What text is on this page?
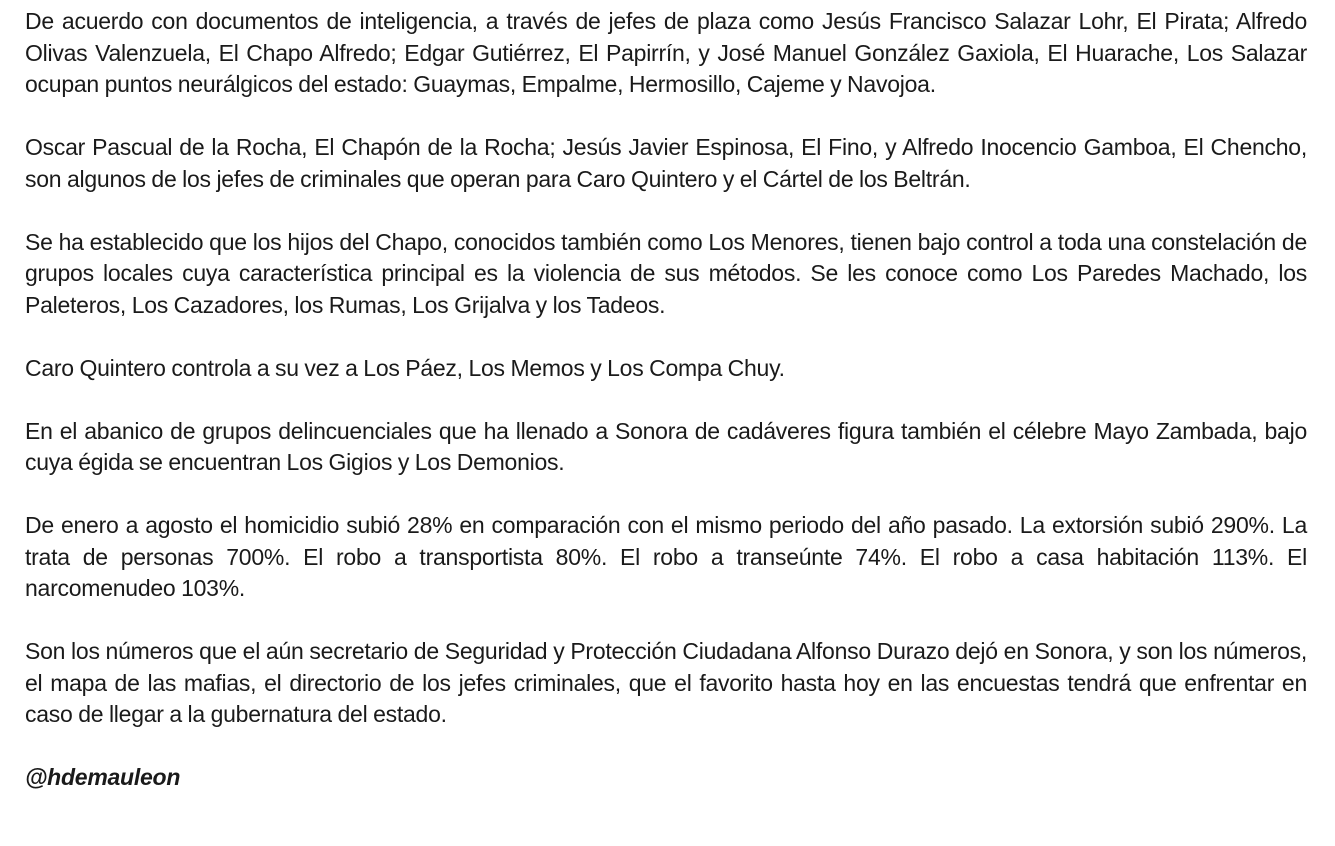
De acuerdo con documentos de inteligencia, a través de jefes de plaza como Jesús Francisco Salazar Lohr, El Pirata; Alfredo Olivas Valenzuela, El Chapo Alfredo; Edgar Gutiérrez, El Papirrín, y José Manuel González Gaxiola, El Huarache, Los Salazar ocupan puntos neurálgicos del estado: Guaymas, Empalme, Hermosillo, Cajeme y Navojoa.

Oscar Pascual de la Rocha, El Chapón de la Rocha; Jesús Javier Espinosa, El Fino, y Alfredo Inocencio Gamboa, El Chencho, son algunos de los jefes de criminales que operan para Caro Quintero y el Cártel de los Beltrán.

Se ha establecido que los hijos del Chapo, conocidos también como Los Menores, tienen bajo control a toda una constelación de grupos locales cuya característica principal es la violencia de sus métodos. Se les conoce como Los Paredes Machado, los Paleteros, Los Cazadores, los Rumas, Los Grijalva y los Tadeos.

Caro Quintero controla a su vez a Los Páez, Los Memos y Los Compa Chuy.

En el abanico de grupos delincuenciales que ha llenado a Sonora de cadáveres figura también el célebre Mayo Zambada, bajo cuya égida se encuentran Los Gigios y Los Demonios.

De enero a agosto el homicidio subió 28% en comparación con el mismo periodo del año pasado. La extorsión subió 290%. La trata de personas 700%. El robo a transportista 80%. El robo a transeúnte 74%. El robo a casa habitación 113%. El narcomenudeo 103%.

Son los números que el aún secretario de Seguridad y Protección Ciudadana Alfonso Durazo dejó en Sonora, y son los números, el mapa de las mafias, el directorio de los jefes criminales, que el favorito hasta hoy en las encuestas tendrá que enfrentar en caso de llegar a la gubernatura del estado.

@hdemauleon
